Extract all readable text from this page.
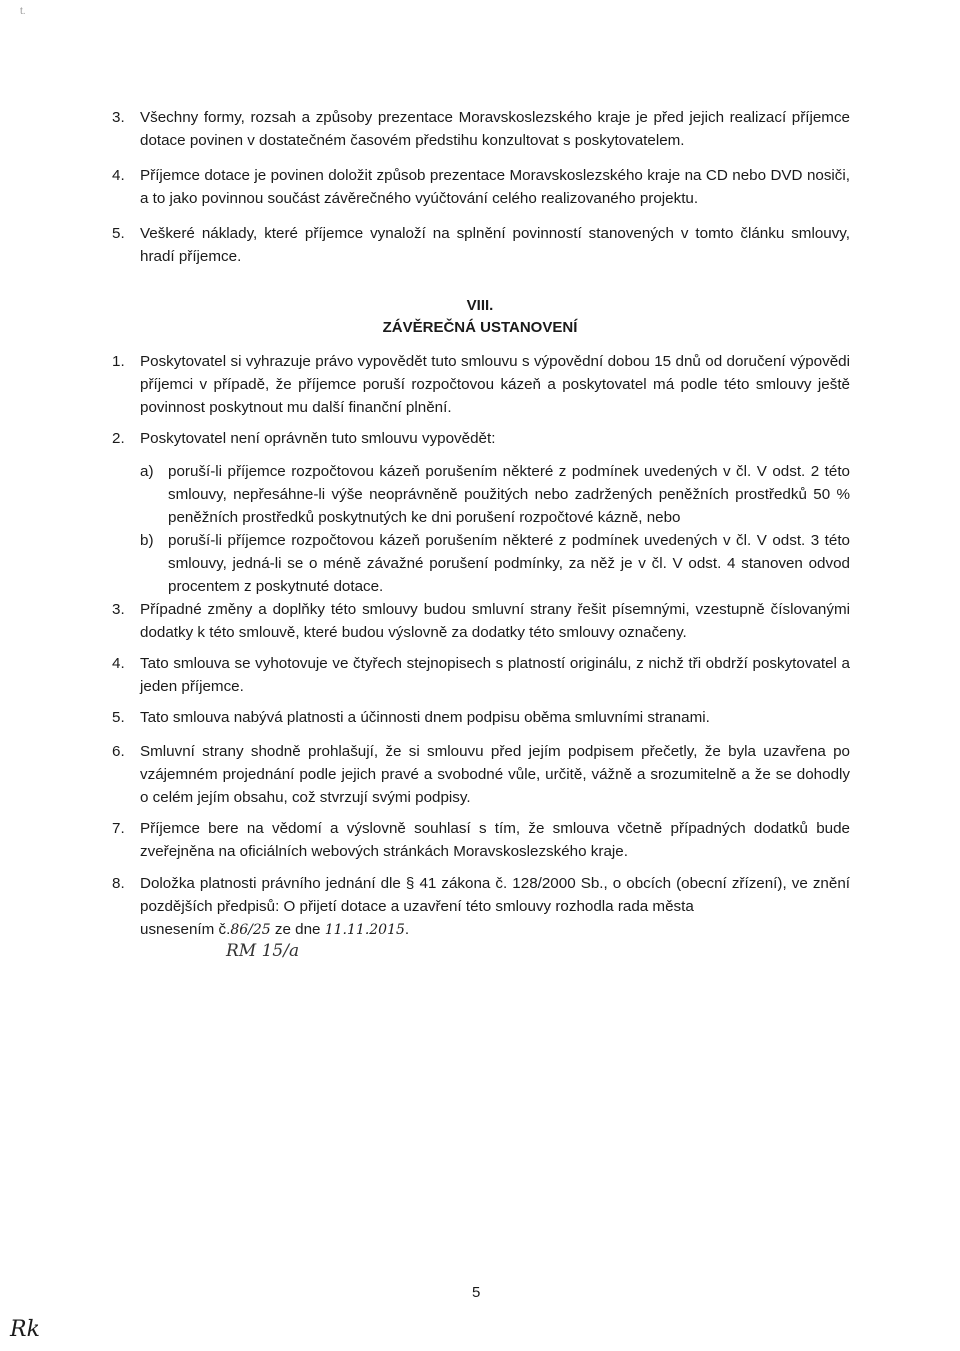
t.
3.	Všechny formy, rozsah a způsoby prezentace Moravskoslezského kraje je před jejich realizací příjemce dotace povinen v dostatečném časovém předstihu konzultovat s poskytovatelem.
4.	Příjemce dotace je povinen doložit způsob prezentace Moravskoslezského kraje na CD nebo DVD nosiči, a to jako povinnou součást závěrečného vyúčtování celého realizovaného projektu.
5.	Veškeré náklady, které příjemce vynaloží na splnění povinností stanovených v tomto článku smlouvy, hradí příjemce.
VIII.
ZÁVĚREČNÁ USTANOVENÍ
1.	Poskytovatel si vyhrazuje právo vypovědět tuto smlouvu s výpovědní dobou 15 dnů od doručení výpovědi příjemci v případě, že příjemce poruší rozpočtovou kázeň a poskytovatel má podle této smlouvy ještě povinnost poskytnout mu další finanční plnění.
2.	Poskytovatel není oprávněn tuto smlouvu vypovědět:
a) poruší-li příjemce rozpočtovou kázeň porušením některé z podmínek uvedených v čl. V odst. 2 této smlouvy, nepřesáhne-li výše neoprávněně použitých nebo zadržených peněžních prostředků 50 % peněžních prostředků poskytnutých ke dni porušení rozpočtové kázně, nebo
b) poruší-li příjemce rozpočtovou kázeň porušením některé z podmínek uvedených v čl. V odst. 3 této smlouvy, jedná-li se o méně závažné porušení podmínky, za něž je v čl. V odst. 4 stanoven odvod procentem z poskytnuté dotace.
3.	Případné změny a doplňky této smlouvy budou smluvní strany řešit písemnými, vzestupně číslovanými dodatky k této smlouvě, které budou výslovně za dodatky této smlouvy označeny.
4.	Tato smlouva se vyhotovuje ve čtyřech stejnopisech s platností originálu, z nichž tři obdrží poskytovatel a jeden příjemce.
5.	Tato smlouva nabývá platnosti a účinnosti dnem podpisu oběma smluvními stranami.
6.	Smluvní strany shodně prohlašují, že si smlouvu před jejím podpisem přečetly, že byla uzavřena po vzájemném projednání podle jejich pravé a svobodné vůle, určitě, vážně a srozumitelně a že se dohodly o celém jejím obsahu, což stvrzují svými podpisy.
7.	Příjemce bere na vědomí a výslovně souhlasí s tím, že smlouva včetně případných dodatků bude zveřejněna na oficiálních webových stránkách Moravskoslezského kraje.
8.	Doložka platnosti právního jednání dle § 41 zákona č. 128/2000 Sb., o obcích (obecní zřízení), ve znění pozdějších předpisů: O přijetí dotace a uzavření této smlouvy rozhodla rada města
usnesením č.86/25 ze dne 11.11.2015.
RM 15/a
5
Rk
